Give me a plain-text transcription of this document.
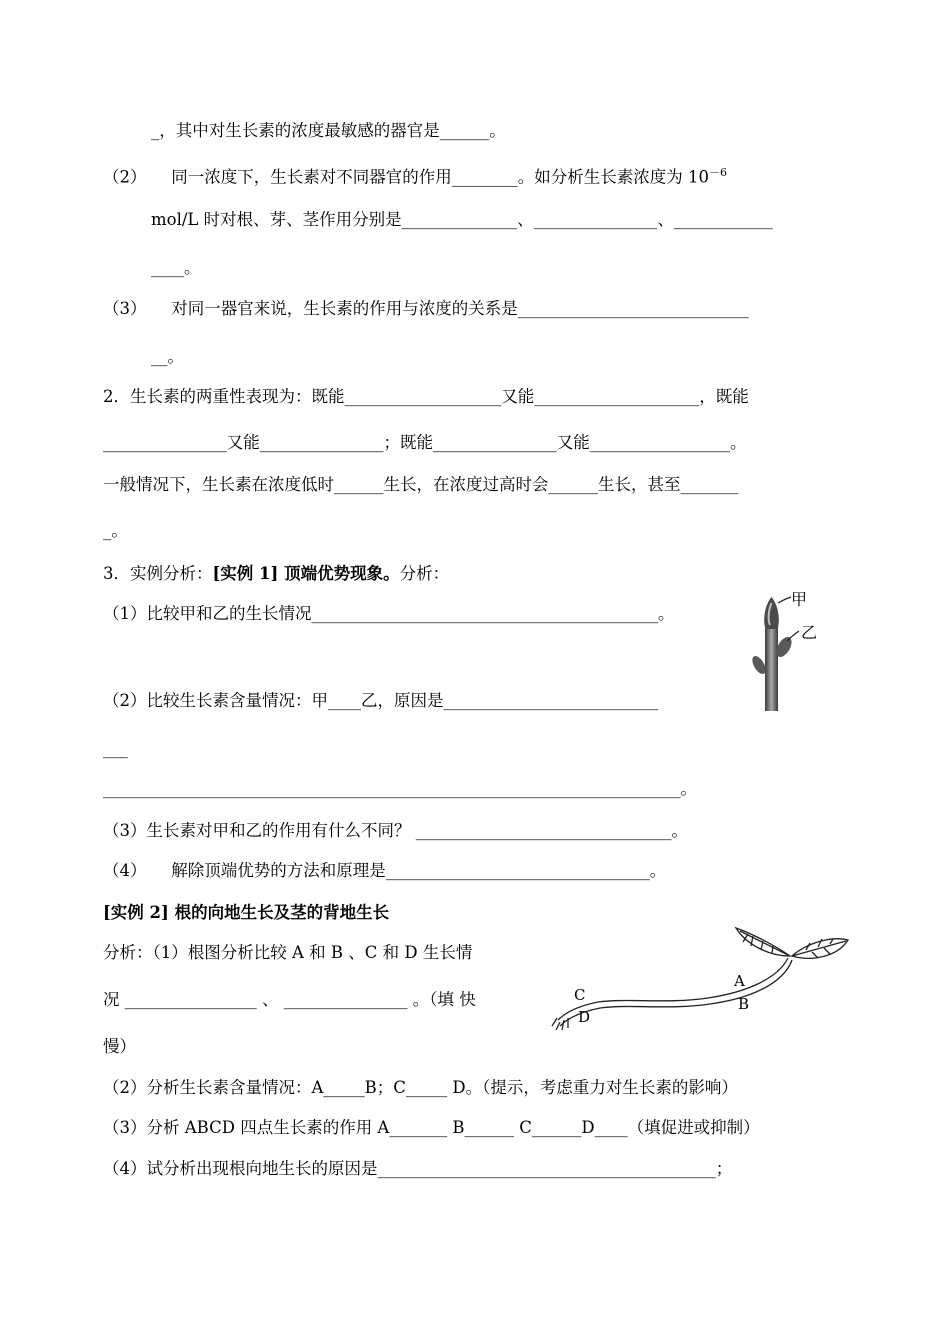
_，其中对生长素的浓度最敏感的器官是______。
（2）　　同一浓度下，生长素对不同器官的作用________。如分析生长素浓度为 $10^{-6}$
mol/L 时对根、芽、茎作用分别是______________、_______________、____________
____。
（3）　　对同一器官来说，生长素的作用与浓度的关系是____________________________
__。
2．生长素的两重性表现为：既能___________________又能____________________，既能
_______________又能_______________；既能_______________又能_________________。
一般情况下，生长素在浓度低时______生长，在浓度过高时会______生长，甚至_______
_。
3．实例分析：[实例 1] 顶端优势现象。分析：
（1）比较甲和乙的生长情况__________________________________________。
（2）比较生长素含量情况：甲____乙，原因是__________________________
___
______________________________________________________________________。
（3）生长素对甲和乙的作用有什么不同？ _______________________________。
（4）　　解除顶端优势的方法和原理是________________________________。
[实例 2] 根的向地生长及茎的背地生长
分析：（1）根图分析比较 A 和 B 、C 和 D 生长情
况 ________________ 、 _______________ 。（填 快
慢）
（2）分析生长素含量情况：A_____B；C_____ D。（提示，考虑重力对生长素的影响）
（3）分析 ABCD 四点生长素的作用 A_______ B______ C______D____（填促进或抑制）
（4）试分析出现根向地生长的原因是_________________________________________；
甲
乙
A
B
C
D
